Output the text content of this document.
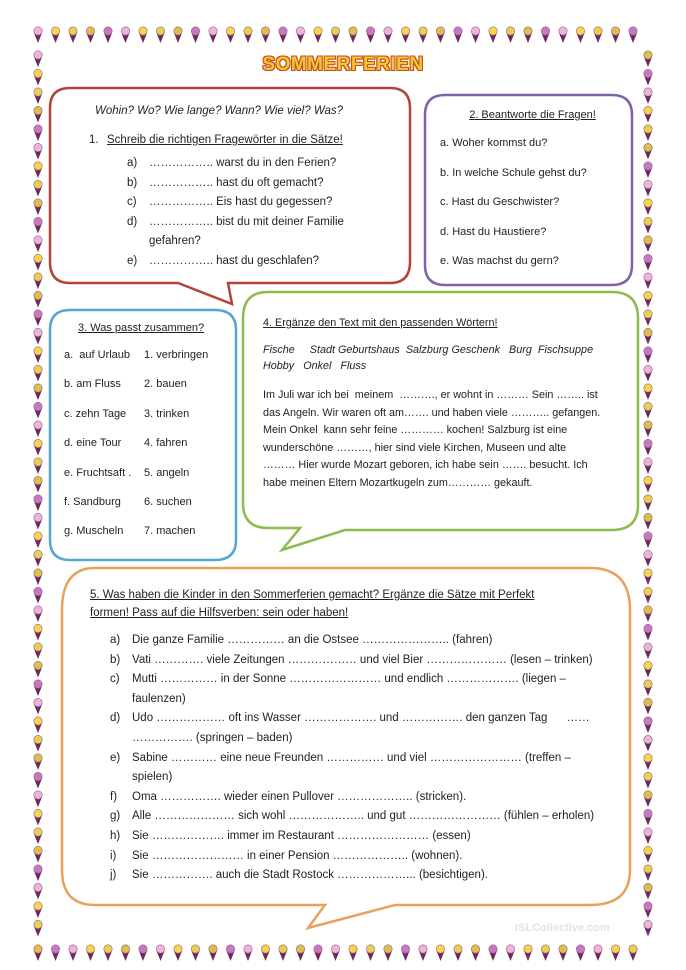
SOMMERFERIEN
Wohin? Wo? Wie lange? Wann? Wie viel? Was?
1. Schreib die richtigen Fragewörter in die Sätze!
a)	…………….. warst du in den Ferien?
b)	…………….. hast du oft gemacht?
c)	…………….. Eis hast du gegessen?
d)	…………….. bist du mit deiner Familie
gefahren?
e)	…………….. hast du geschlafen?
2. Beantworte die Fragen!
a. Woher kommst du?
b. In welche Schule gehst du?
c. Hast du Geschwister?
d. Hast du Haustiere?
e. Was machst du gern?
3. Was passt zusammen?
a.  auf Urlaub	1. verbringen
b. am Fluss	2. bauen
c. zehn Tage	3. trinken
d. eine Tour	4. fahren
e. Fruchtsaft .	5. angeln
f. Sandburg	6. suchen
g. Muscheln	7. machen
4. Ergänze den Text mit den passenden Wörtern!
Fische     Stadt Geburtshaus  Salzburg Geschenk   Burg  Fischsuppe
Hobby   Onkel   Fluss
Im Juli war ich bei  meinem  ………., er wohnt in ……… Sein …….. ist
das Angeln. Wir waren oft am……. und haben viele ……….. gefangen.
Mein Onkel  kann sehr feine ………… kochen! Salzburg ist eine
wunderschöne ………, hier sind viele Kirchen, Museen und alte
……… Hier wurde Mozart geboren, ich habe sein ……. besucht. Ich
habe meinen Eltern Mozartkugeln zum………… gekauft.
5. Was haben die Kinder in den Sommerferien gemacht? Ergänze die Sätze mit Perfekt
formen! Pass auf die Hilfsverben: sein oder haben!
a)	Die ganze Familie …………… an die Ostsee ………………….. (fahren)
b)	Vati …………. viele Zeitungen ……………… und viel Bier ………………… (lesen – trinken)
c)	Mutti …………… in der Sonne …………………… und endlich ………………. (liegen –
faulenzen)
d)	Udo ……………… oft ins Wasser ………………. und ……………. den ganzen Tag      ……
……………. (springen – baden)
e)	Sabine ………… eine neue Freunden …………… und viel …………………… (treffen –
spielen)
f)	Oma ……………. wieder einen Pullover ……………….. (stricken).
g)	Alle ………………… sich wohl ……………….. und gut …………………… (fühlen – erholen)
h)	Sie ………………. immer im Restaurant …………………… (essen)
i)	Sie …………………… in einer Pension ……………….. (wohnen).
j)	Sie ……………. auch die Stadt Rostock ………………... (besichtigen).
iSLCollective.com
